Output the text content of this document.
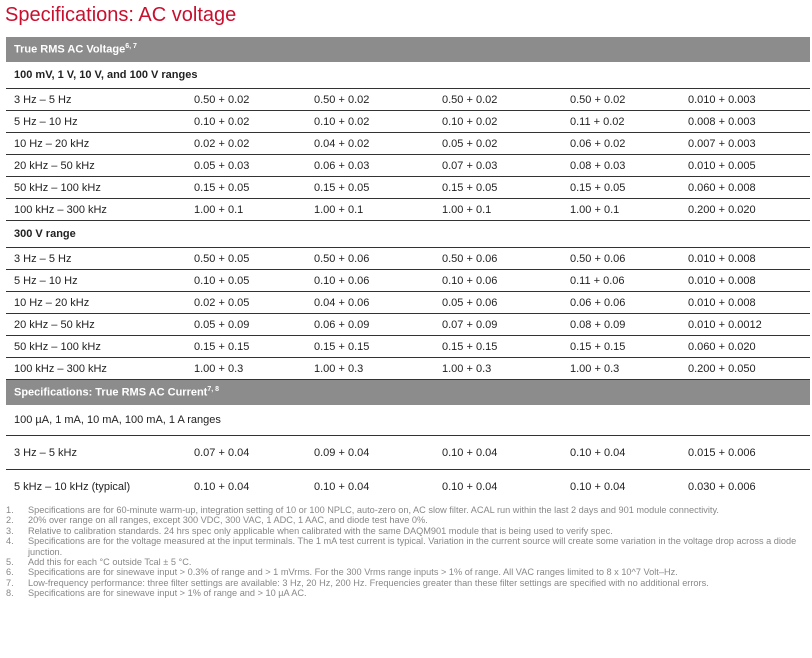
Specifications: AC voltage
True RMS AC Voltage$^{6, 7}$
100 mV, 1 V, 10 V, and 100 V ranges					
3 Hz – 5 Hz	0.50 + 0.02	0.50 + 0.02	0.50 + 0.02	0.50 + 0.02	0.010 + 0.003
5 Hz – 10 Hz	0.10 + 0.02	0.10 + 0.02	0.10 + 0.02	0.11 + 0.02	0.008 + 0.003
10 Hz – 20 kHz	0.02 + 0.02	0.04 + 0.02	0.05 + 0.02	0.06 + 0.02	0.007 + 0.003
20 kHz – 50 kHz	0.05 + 0.03	0.06 + 0.03	0.07 + 0.03	0.08 + 0.03	0.010 + 0.005
50 kHz – 100 kHz	0.15 + 0.05	0.15 + 0.05	0.15 + 0.05	0.15 + 0.05	0.060 + 0.008
100 kHz – 300 kHz	1.00 + 0.1	1.00 + 0.1	1.00 + 0.1	1.00 + 0.1	0.200 + 0.020
300 V range					
3 Hz – 5 Hz	0.50 + 0.05	0.50 + 0.06	0.50 + 0.06	0.50 + 0.06	0.010 + 0.008
5 Hz – 10 Hz	0.10 + 0.05	0.10 + 0.06	0.10 + 0.06	0.11 + 0.06	0.010 + 0.008
10 Hz – 20 kHz	0.02 + 0.05	0.04 + 0.06	0.05 + 0.06	0.06 + 0.06	0.010 + 0.008
20 kHz – 50 kHz	0.05 + 0.09	0.06 + 0.09	0.07 + 0.09	0.08 + 0.09	0.010 + 0.0012
50 kHz – 100 kHz	0.15 + 0.15	0.15 + 0.15	0.15 + 0.15	0.15 + 0.15	0.060 + 0.020
100 kHz – 300 kHz	1.00 + 0.3	1.00 + 0.3	1.00 + 0.3	1.00 + 0.3	0.200 + 0.050
Specifications: True RMS AC Current$^{7, 8}$
100 µA, 1 mA, 10 mA, 100 mA, 1 A ranges					
3 Hz – 5 kHz	0.07 + 0.04	0.09 + 0.04	0.10 + 0.04	0.10 + 0.04	0.015 + 0.006
5 kHz – 10 kHz (typical)	0.10 + 0.04	0.10 + 0.04	0.10 + 0.04	0.10 + 0.04	0.030 + 0.006
1. Specifications are for 60-minute warm-up, integration setting of 10 or 100 NPLC, auto-zero on, AC slow filter. ACAL run within the last 2 days and 901 module connectivity.
2. 20% over range on all ranges, except 300 VDC, 300 VAC, 1 ADC, 1 AAC, and diode test have 0%.
3. Relative to calibration standards. 24 hrs spec only applicable when calibrated with the same DAQM901 module that is being used to verify spec.
4. Specifications are for the voltage measured at the input terminals. The 1 mA test current is typical. Variation in the current source will create some variation in the voltage drop across a diode junction.
5. Add this for each °C outside Tcal ± 5 °C.
6. Specifications are for sinewave input > 0.3% of range and > 1 mVrms. For the 300 Vrms range inputs > 1% of range. All VAC ranges limited to 8 x 10^7 Volt–Hz.
7. Low-frequency performance: three filter settings are available: 3 Hz, 20 Hz, 200 Hz. Frequencies greater than these filter settings are specified with no additional errors.
8. Specifications are for sinewave input > 1% of range and > 10 µA AC.
